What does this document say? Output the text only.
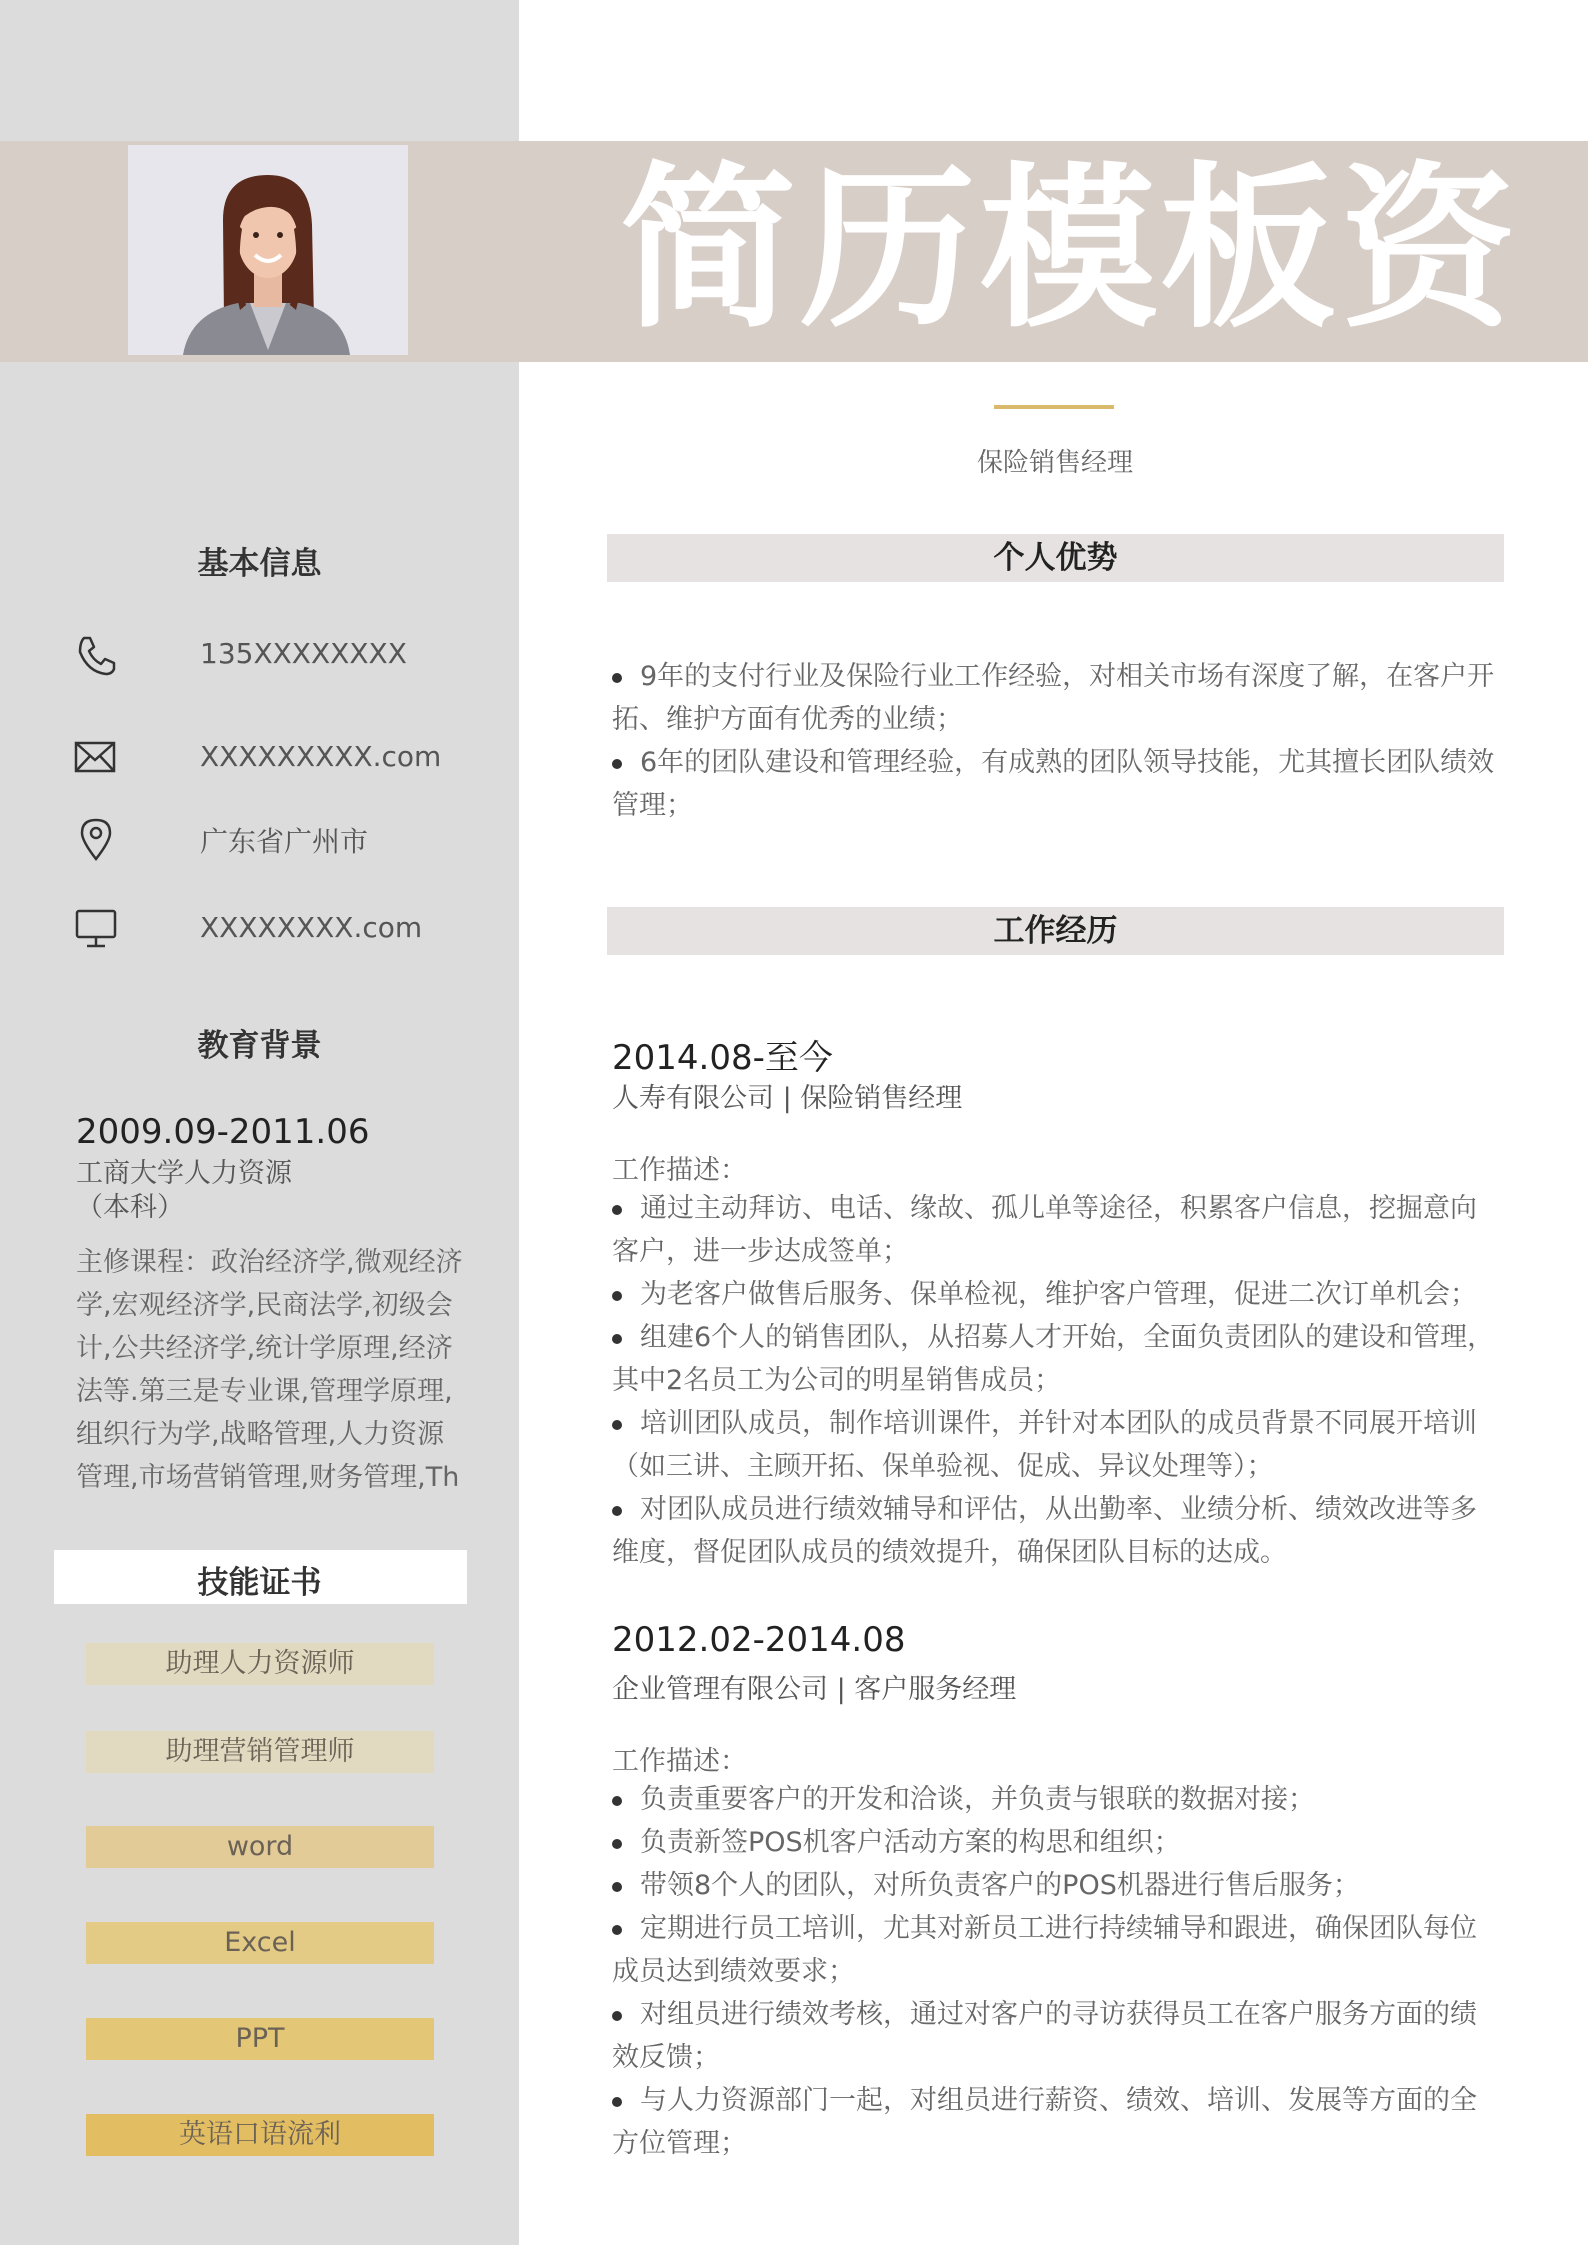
简历模板资
保险销售经理
基本信息
135XXXXXXXX
XXXXXXXXX.com
广东省广州市
XXXXXXXX.com
教育背景
2009.09-2011.06
工商大学人力资源
（本科）
主修课程：政治经济学,微观经济学,宏观经济学,民商法学,初级会计,公共经济学,统计学原理,经济法等.第三是专业课,管理学原理,组织行为学,战略管理,人力资源管理,市场营销管理,财务管理,Th
技能证书
助理人力资源师
助理营销管理师
word
Excel
PPT
英语口语流利
个人优势
9年的支付行业及保险行业工作经验，对相关市场有深度了解，在客户开拓、维护方面有优秀的业绩；
6年的团队建设和管理经验，有成熟的团队领导技能，尤其擅长团队绩效管理；
工作经历
2014.08-至今
人寿有限公司 | 保险销售经理
工作描述：
通过主动拜访、电话、缘故、孤儿单等途径，积累客户信息，挖掘意向客户，进一步达成签单；
为老客户做售后服务、保单检视，维护客户管理，促进二次订单机会；
组建6个人的销售团队，从招募人才开始，全面负责团队的建设和管理，其中2名员工为公司的明星销售成员；
培训团队成员，制作培训课件，并针对本团队的成员背景不同展开培训（如三讲、主顾开拓、保单验视、促成、异议处理等）；
对团队成员进行绩效辅导和评估，从出勤率、业绩分析、绩效改进等多维度，督促团队成员的绩效提升，确保团队目标的达成。
2012.02-2014.08
企业管理有限公司 | 客户服务经理
工作描述：
负责重要客户的开发和洽谈，并负责与银联的数据对接；
负责新签POS机客户活动方案的构思和组织；
带领8个人的团队，对所负责客户的POS机器进行售后服务；
定期进行员工培训，尤其对新员工进行持续辅导和跟进，确保团队每位成员达到绩效要求；
对组员进行绩效考核，通过对客户的寻访获得员工在客户服务方面的绩效反馈；
与人力资源部门一起，对组员进行薪资、绩效、培训、发展等方面的全方位管理；
